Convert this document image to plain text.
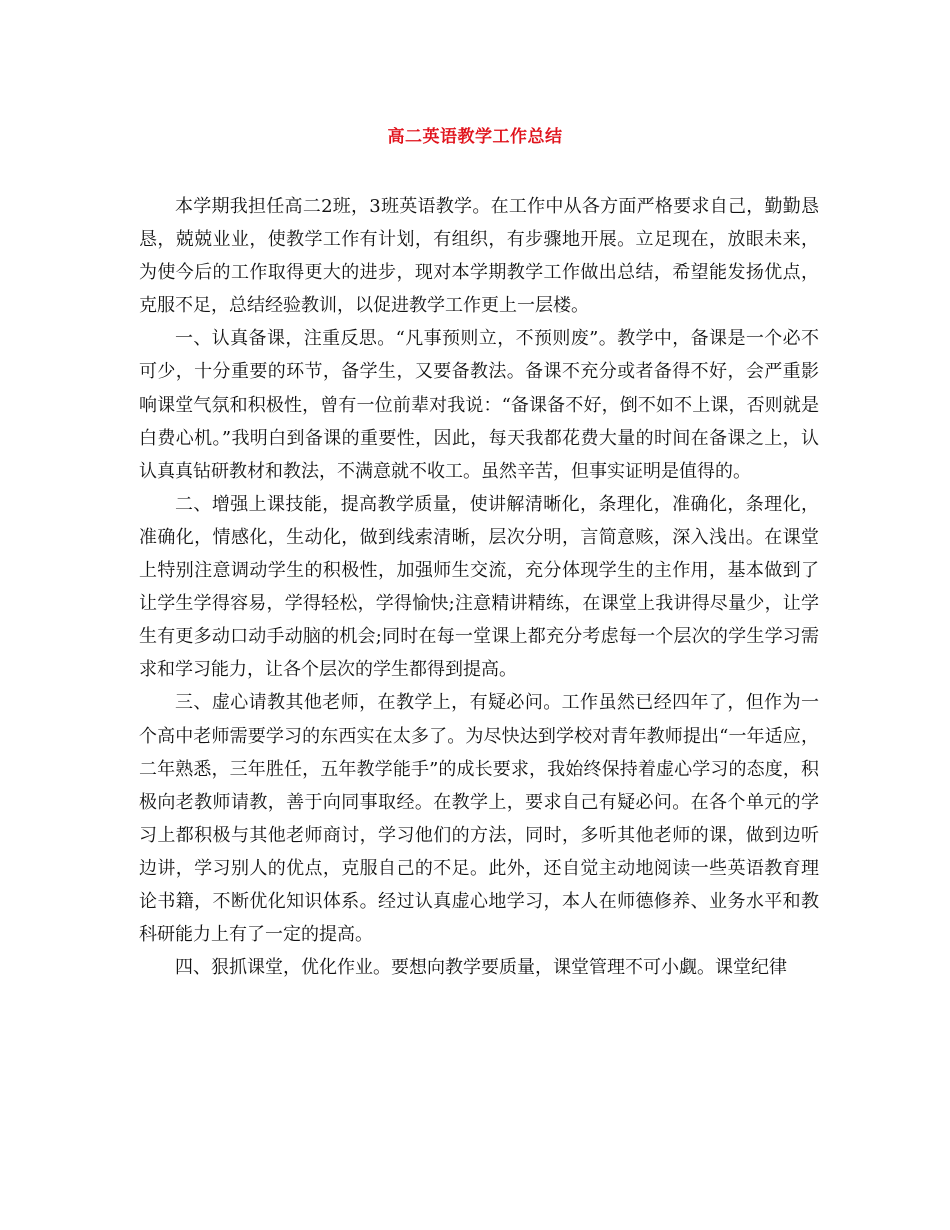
高二英语教学工作总结

本学期我担任高二2班，3班英语教学。在工作中从各方面严格要求自己，勤勤恳恳，兢兢业业，使教学工作有计划，有组织，有步骤地开展。立足现在，放眼未来，为使今后的工作取得更大的进步，现对本学期教学工作做出总结，希望能发扬优点，克服不足，总结经验教训，以促进教学工作更上一层楼。

一、认真备课，注重反思。“凡事预则立，不预则废”。教学中，备课是一个必不可少，十分重要的环节，备学生，又要备教法。备课不充分或者备得不好，会严重影响课堂气氛和积极性，曾有一位前辈对我说：“备课备不好，倒不如不上课，否则就是白费心机。”我明白到备课的重要性，因此，每天我都花费大量的时间在备课之上，认认真真钻研教材和教法，不满意就不收工。虽然辛苦，但事实证明是值得的。

二、增强上课技能，提高教学质量，使讲解清晰化，条理化，准确化，条理化，准确化，情感化，生动化，做到线索清晰，层次分明，言简意赅，深入浅出。在课堂上特别注意调动学生的积极性，加强师生交流，充分体现学生的主作用，基本做到了让学生学得容易，学得轻松，学得愉快;注意精讲精练，在课堂上我讲得尽量少，让学生有更多动口动手动脑的机会;同时在每一堂课上都充分考虑每一个层次的学生学习需求和学习能力，让各个层次的学生都得到提高。

三、虚心请教其他老师，在教学上，有疑必问。工作虽然已经四年了，但作为一个高中老师需要学习的东西实在太多了。为尽快达到学校对青年教师提出“一年适应，二年熟悉，三年胜任，五年教学能手”的成长要求，我始终保持着虚心学习的态度，积极向老教师请教，善于向同事取经。在教学上，要求自己有疑必问。在各个单元的学习上都积极与其他老师商讨，学习他们的方法，同时，多听其他老师的课，做到边听边讲，学习别人的优点，克服自己的不足。此外，还自觉主动地阅读一些英语教育理论书籍，不断优化知识体系。经过认真虚心地学习，本人在师德修养、业务水平和教科研能力上有了一定的提高。

四、狠抓课堂，优化作业。要想向教学要质量，课堂管理不可小觑。课堂纪律
